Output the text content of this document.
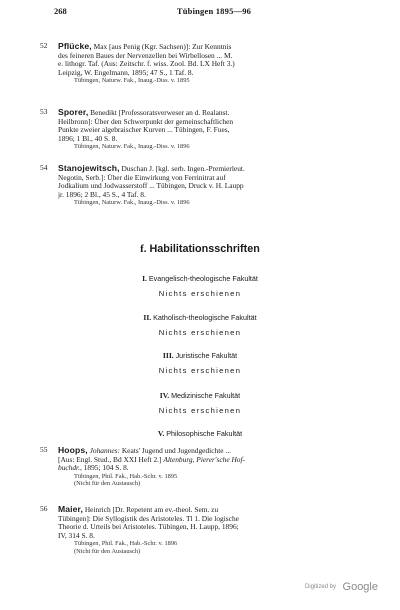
268	Tübingen 1895—96
52 Pflücke, Max [aus Penig (Kgr. Sachsen)]: Zur Kenntnis
des feineren Baues der Nervenzellen bei Wirbellosen ... M.
e. lithogr. Taf. (Aus: Zeitschr. f. wiss. Zool. Bd. LX Heft 3.)
Leipzig, W. Engelmann, 1895; 47 S., 1 Taf. 8.
Tübingen, Naturw. Fak., Inaug.-Diss. v. 1895
53 Sporer, Benedikt [Professoratsverweser an d. Realanst.
Heilbronn]: Über den Schwerpunkt der gemeinschaftlichen
Punkte zweier algebraischer Kurven ... Tübingen, F. Fues,
1896; 1 Bl., 40 S. 8.
Tübingen, Naturw. Fak., Inaug.-Diss. v. 1896
54 Stanojewitsch, Duschan J. [kgl. serb. Ingen.-Premierleut.
Negotin, Serb.]: Über die Einwirkung von Ferrinitrat auf
Jodkalium und Jodwasserstoff ... Tübingen, Druck v. H. Laupp
jr. 1896; 2 Bl., 45 S., 4 Taf. 8.
Tübingen, Naturw. Fak., Inaug.-Diss. v. 1896
f. Habilitationsschriften
I. Evangelisch-theologische Fakultät
Nichts erschienen
II. Katholisch-theologische Fakultät
Nichts erschienen
III. Juristische Fakultät
Nichts erschienen
IV. Medizinische Fakultät
Nichts erschienen
V. Philosophische Fakultät
55 Hoops, Johannes: Keats' Jugend und Jugendgedichte ...
[Aus: Engl. Stud., Bd XXI Heft 2.] Altenburg, Pierer'sche Hof-
buchdr., 1895; 104 S. 8.
Tübingen, Phil. Fak., Hab.-Schr. v. 1895
(Nicht für den Austausch)
56 Maier, Heinrich [Dr. Repetent am ev.-theol. Sem. zu
Tübingen]: Die Syllogistik des Aristoteles. Tl 1. Die logische
Theorie d. Urteils bei Aristoteles. Tübingen, H. Laupp, 1896;
IV, 314 S. 8.
Tübingen, Phil. Fak., Hab.-Schr. v. 1896
(Nicht für den Austausch)
Digitized by Google
